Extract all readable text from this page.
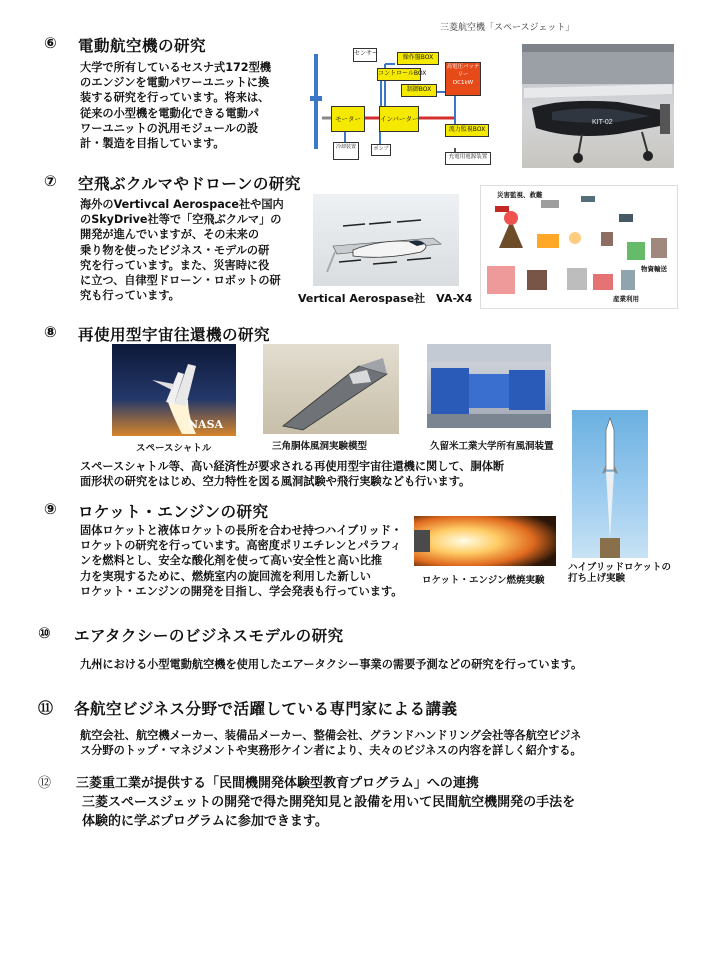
三菱航空機「スペースジェット」
⑥ 電動航空機の研究
大学で所有しているセスナ式172型機
のエンジンを電動パワーユニットに換
装する研究を行っています。将来は、
従来の小型機を電動化できる電動パ
ワーユニットの汎用モジュールの設
計・製造を目指しています。
センサー
操作盤BOX
コントロールBOX
制御BOX
モーター	インバーター
高電圧バッテリー
DC1kW
流力監視BOX
冷却装置	ポンプ
充電用電源装置
KIT-02
⑦ 空飛ぶクルマやドローンの研究
海外のVertivcal Aerospace社や国内
のSkyDrive社等で「空飛ぶクルマ」の
開発が進んでいますが、その未来の
乗り物を使ったビジネス・モデルの研
究を行っています。また、災害時に役
に立つ、自律型ドローン・ロボットの研
究も行っています。	Vertical Aerospase社　VA-X4
災害監視、救難
物資輸送
産業利用
⑧ 再使用型宇宙往還機の研究
NASA
スペースシャトル	三角胴体風洞実験模型	久留米工業大学所有風洞装置
ハイブリッドロケットの
打ち上げ実験
スペースシャトル等、高い経済性が要求される再使用型宇宙往還機に関して、胴体断
面形状の研究をはじめ、空力特性を図る風洞試験や飛行実験なども行います。
⑨ ロケット・エンジンの研究
固体ロケットと液体ロケットの長所を合わせ持つハイブリッド・
ロケットの研究を行っています。高密度ポリエチレンとパラフィ
ンを燃料とし、安全な酸化剤を使って高い安全性と高い比推
力を実現するために、燃焼室内の旋回流を利用した新しい
ロケット・エンジンの開発を目指し、学会発表も行っています。
ロケット・エンジン燃焼実験
⑩ エアタクシーのビジネスモデルの研究
九州における小型電動航空機を使用したエアータクシー事業の需要予測などの研究を行っています。
⑪ 各航空ビジネス分野で活躍している専門家による講義
航空会社、航空機メーカー、装備品メーカー、整備会社、グランドハンドリング会社等各航空ビジネ
ス分野のトップ・マネジメントや実務形ケイン者により、夫々のビジネスの内容を詳しく紹介する。
⑫ 三菱重工業が提供する「民間機開発体験型教育プログラム」への連携
三菱スペースジェットの開発で得た開発知見と設備を用いて民間航空機開発の手法を
体験的に学ぶプログラムに参加できます。
